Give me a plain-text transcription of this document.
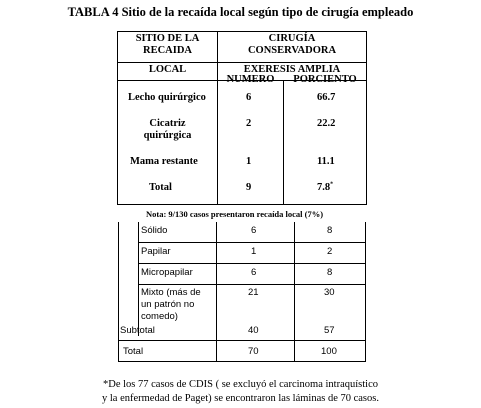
TABLA 4 Sitio de la recaída local según tipo de cirugía empleado
SITIO DE LA
RECAIDA
LOCAL
CIRUGÍA
CONSERVADORA
EXERESIS AMPLIA
NUMERO	PORCIENTO
Lecho quirúrgico	6	66.7
Cicatriz
quirúrgica
2	22.2
Mama restante	1	11.1
Total	9	7.8*
Nota: 9/130 casos presentaron recaída local (7%)
Sólido	6	8
Papilar	1	2
Micropapilar	6	8
Mixto (más de
un patrón no
comedo)
21	30
Subtotal	40	57
Total	70	100
*De los 77 casos de CDIS ( se excluyó el carcinoma intraquístico
y la enfermedad de Paget) se encontraron las láminas de 70 casos.
